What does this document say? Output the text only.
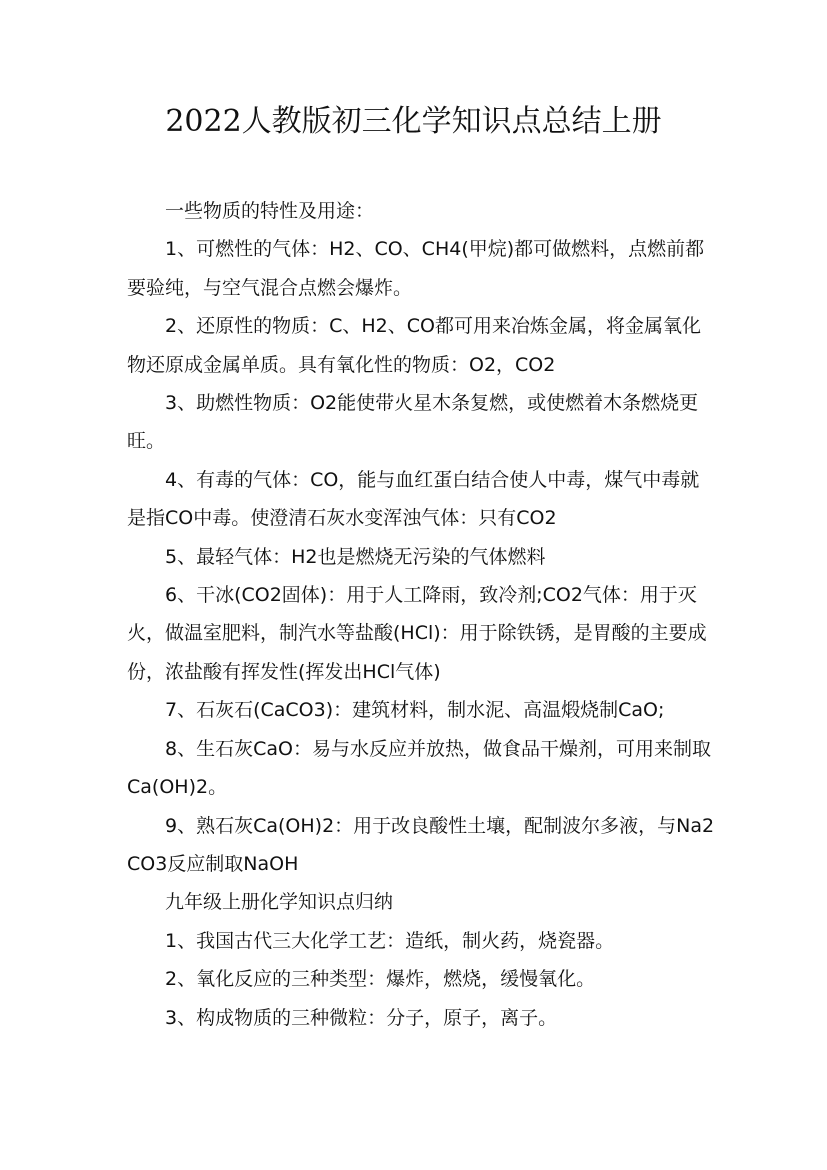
2022人教版初三化学知识点总结上册

一些物质的特性及用途：

1、可燃性的气体：H2、CO、CH4(甲烷)都可做燃料，点燃前都要验纯，与空气混合点燃会爆炸。

2、还原性的物质：C、H2、CO都可用来冶炼金属，将金属氧化物还原成金属单质。具有氧化性的物质：O2，CO2

3、助燃性物质：O2能使带火星木条复燃，或使燃着木条燃烧更旺。

4、有毒的气体：CO，能与血红蛋白结合使人中毒，煤气中毒就是指CO中毒。使澄清石灰水变浑浊气体：只有CO2

5、最轻气体：H2也是燃烧无污染的气体燃料

6、干冰(CO2固体)：用于人工降雨，致冷剂;CO2气体：用于灭火，做温室肥料，制汽水等盐酸(HCl)：用于除铁锈，是胃酸的主要成份，浓盐酸有挥发性(挥发出HCl气体)

7、石灰石(CaCO3)：建筑材料，制水泥、高温煅烧制CaO;

8、生石灰CaO：易与水反应并放热，做食品干燥剂，可用来制取Ca(OH)2。

9、熟石灰Ca(OH)2：用于改良酸性土壤，配制波尔多液，与Na2CO3反应制取NaOH

九年级上册化学知识点归纳

1、我国古代三大化学工艺：造纸，制火药，烧瓷器。

2、氧化反应的三种类型：爆炸，燃烧，缓慢氧化。

3、构成物质的三种微粒：分子，原子，离子。
